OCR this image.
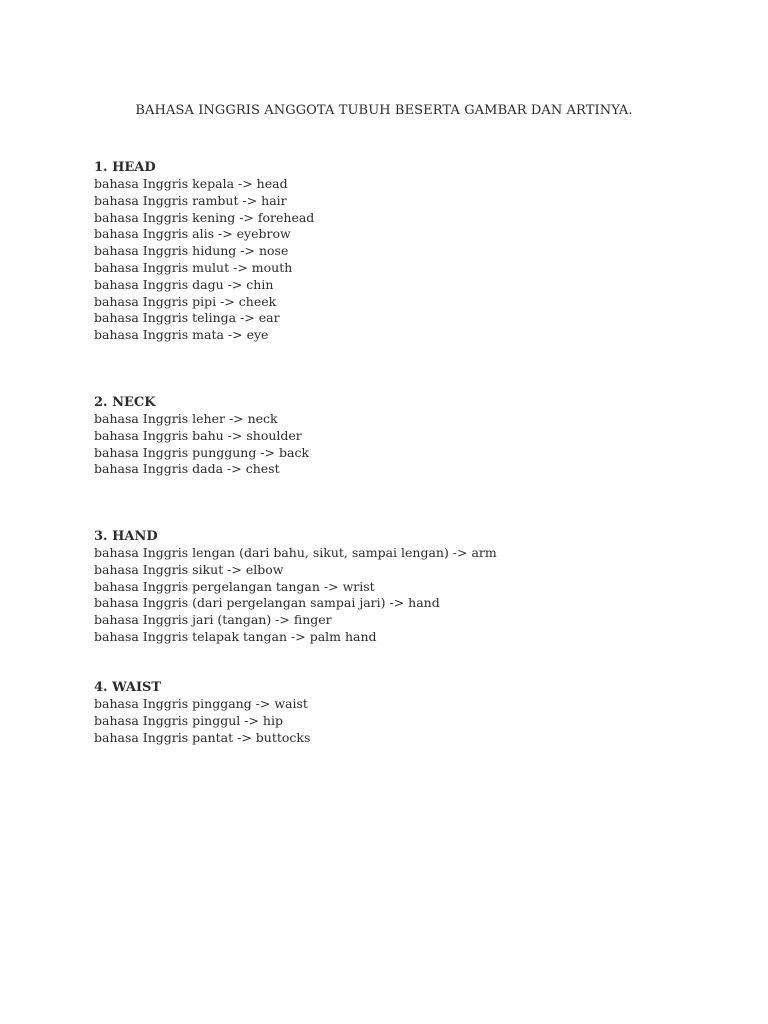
BAHASA INGGRIS ANGGOTA TUBUH BESERTA GAMBAR DAN ARTINYA.

1. HEAD

bahasa Inggris kepala -> head

bahasa Inggris rambut -> hair

bahasa Inggris kening -> forehead

bahasa Inggris alis -> eyebrow

bahasa Inggris hidung -> nose

bahasa Inggris mulut -> mouth

bahasa Inggris dagu -> chin

bahasa Inggris pipi -> cheek

bahasa Inggris telinga -> ear

bahasa Inggris mata -> eye

2. NECK

bahasa Inggris leher -> neck

bahasa Inggris bahu -> shoulder

bahasa Inggris punggung -> back

bahasa Inggris dada -> chest

3. HAND

bahasa Inggris lengan (dari bahu, sikut, sampai lengan) -> arm

bahasa Inggris sikut -> elbow

bahasa Inggris pergelangan tangan -> wrist

bahasa Inggris (dari pergelangan sampai jari) -> hand

bahasa Inggris jari (tangan) -> finger

bahasa Inggris telapak tangan -> palm hand

4. WAIST

bahasa Inggris pinggang -> waist

bahasa Inggris pinggul -> hip

bahasa Inggris pantat -> buttocks
